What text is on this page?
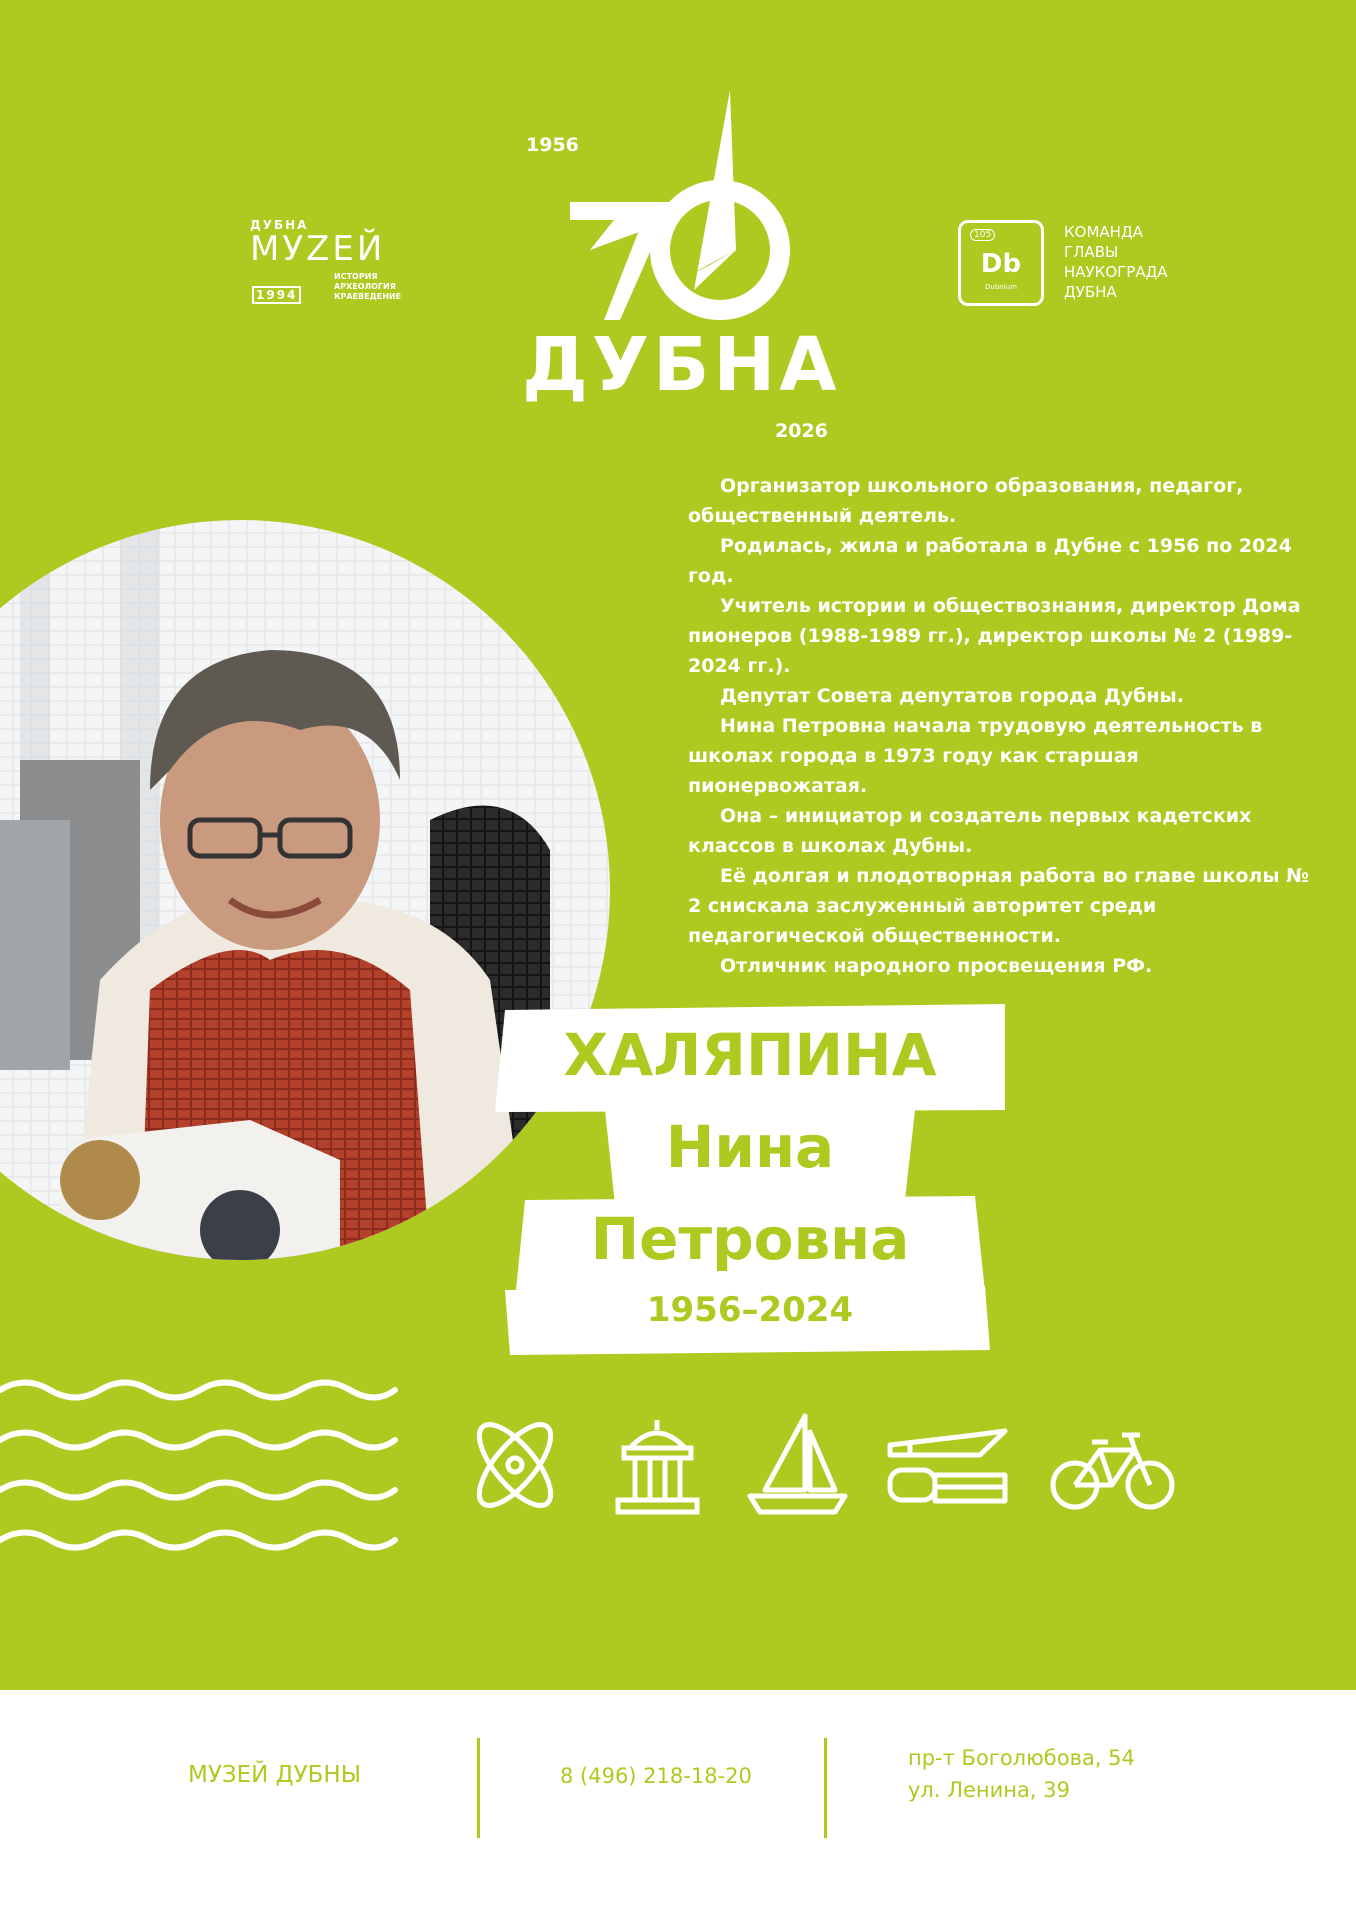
1956
ДУБНА
2026
ДУБНА
МУZЕЙ
1994
ИСТОРИЯ
АРХЕОЛОГИЯ
КРАЕВЕДЕНИЕ
105
Db
Dubnium
КОМАНДА
ГЛАВЫ
НАУКОГРАДА
ДУБНА

Организатор школьного образования, педагог, общественный деятель.

Родилась, жила и работала в Дубне с 1956 по 2024 год.

Учитель истории и обществознания, директор Дома пионеров (1988-1989 гг.), директор школы № 2 (1989-2024 гг.).

Депутат Совета депутатов города Дубны.

Нина Петровна начала трудовую деятельность в школах города в 1973 году как старшая пионервожатая.

Она – инициатор и создатель первых кадетских классов в школах Дубны.

Её долгая и плодотворная работа во главе школы № 2 снискала заслуженный авторитет среди педагогической общественности.

Отличник народного просвещения РФ.

ХАЛЯПИНА
Нина
Петровна
1956–2024
МУЗЕЙ ДУБНЫ	8 (496) 218-18-20
пр-т Боголюбова, 54
ул. Ленина, 39
